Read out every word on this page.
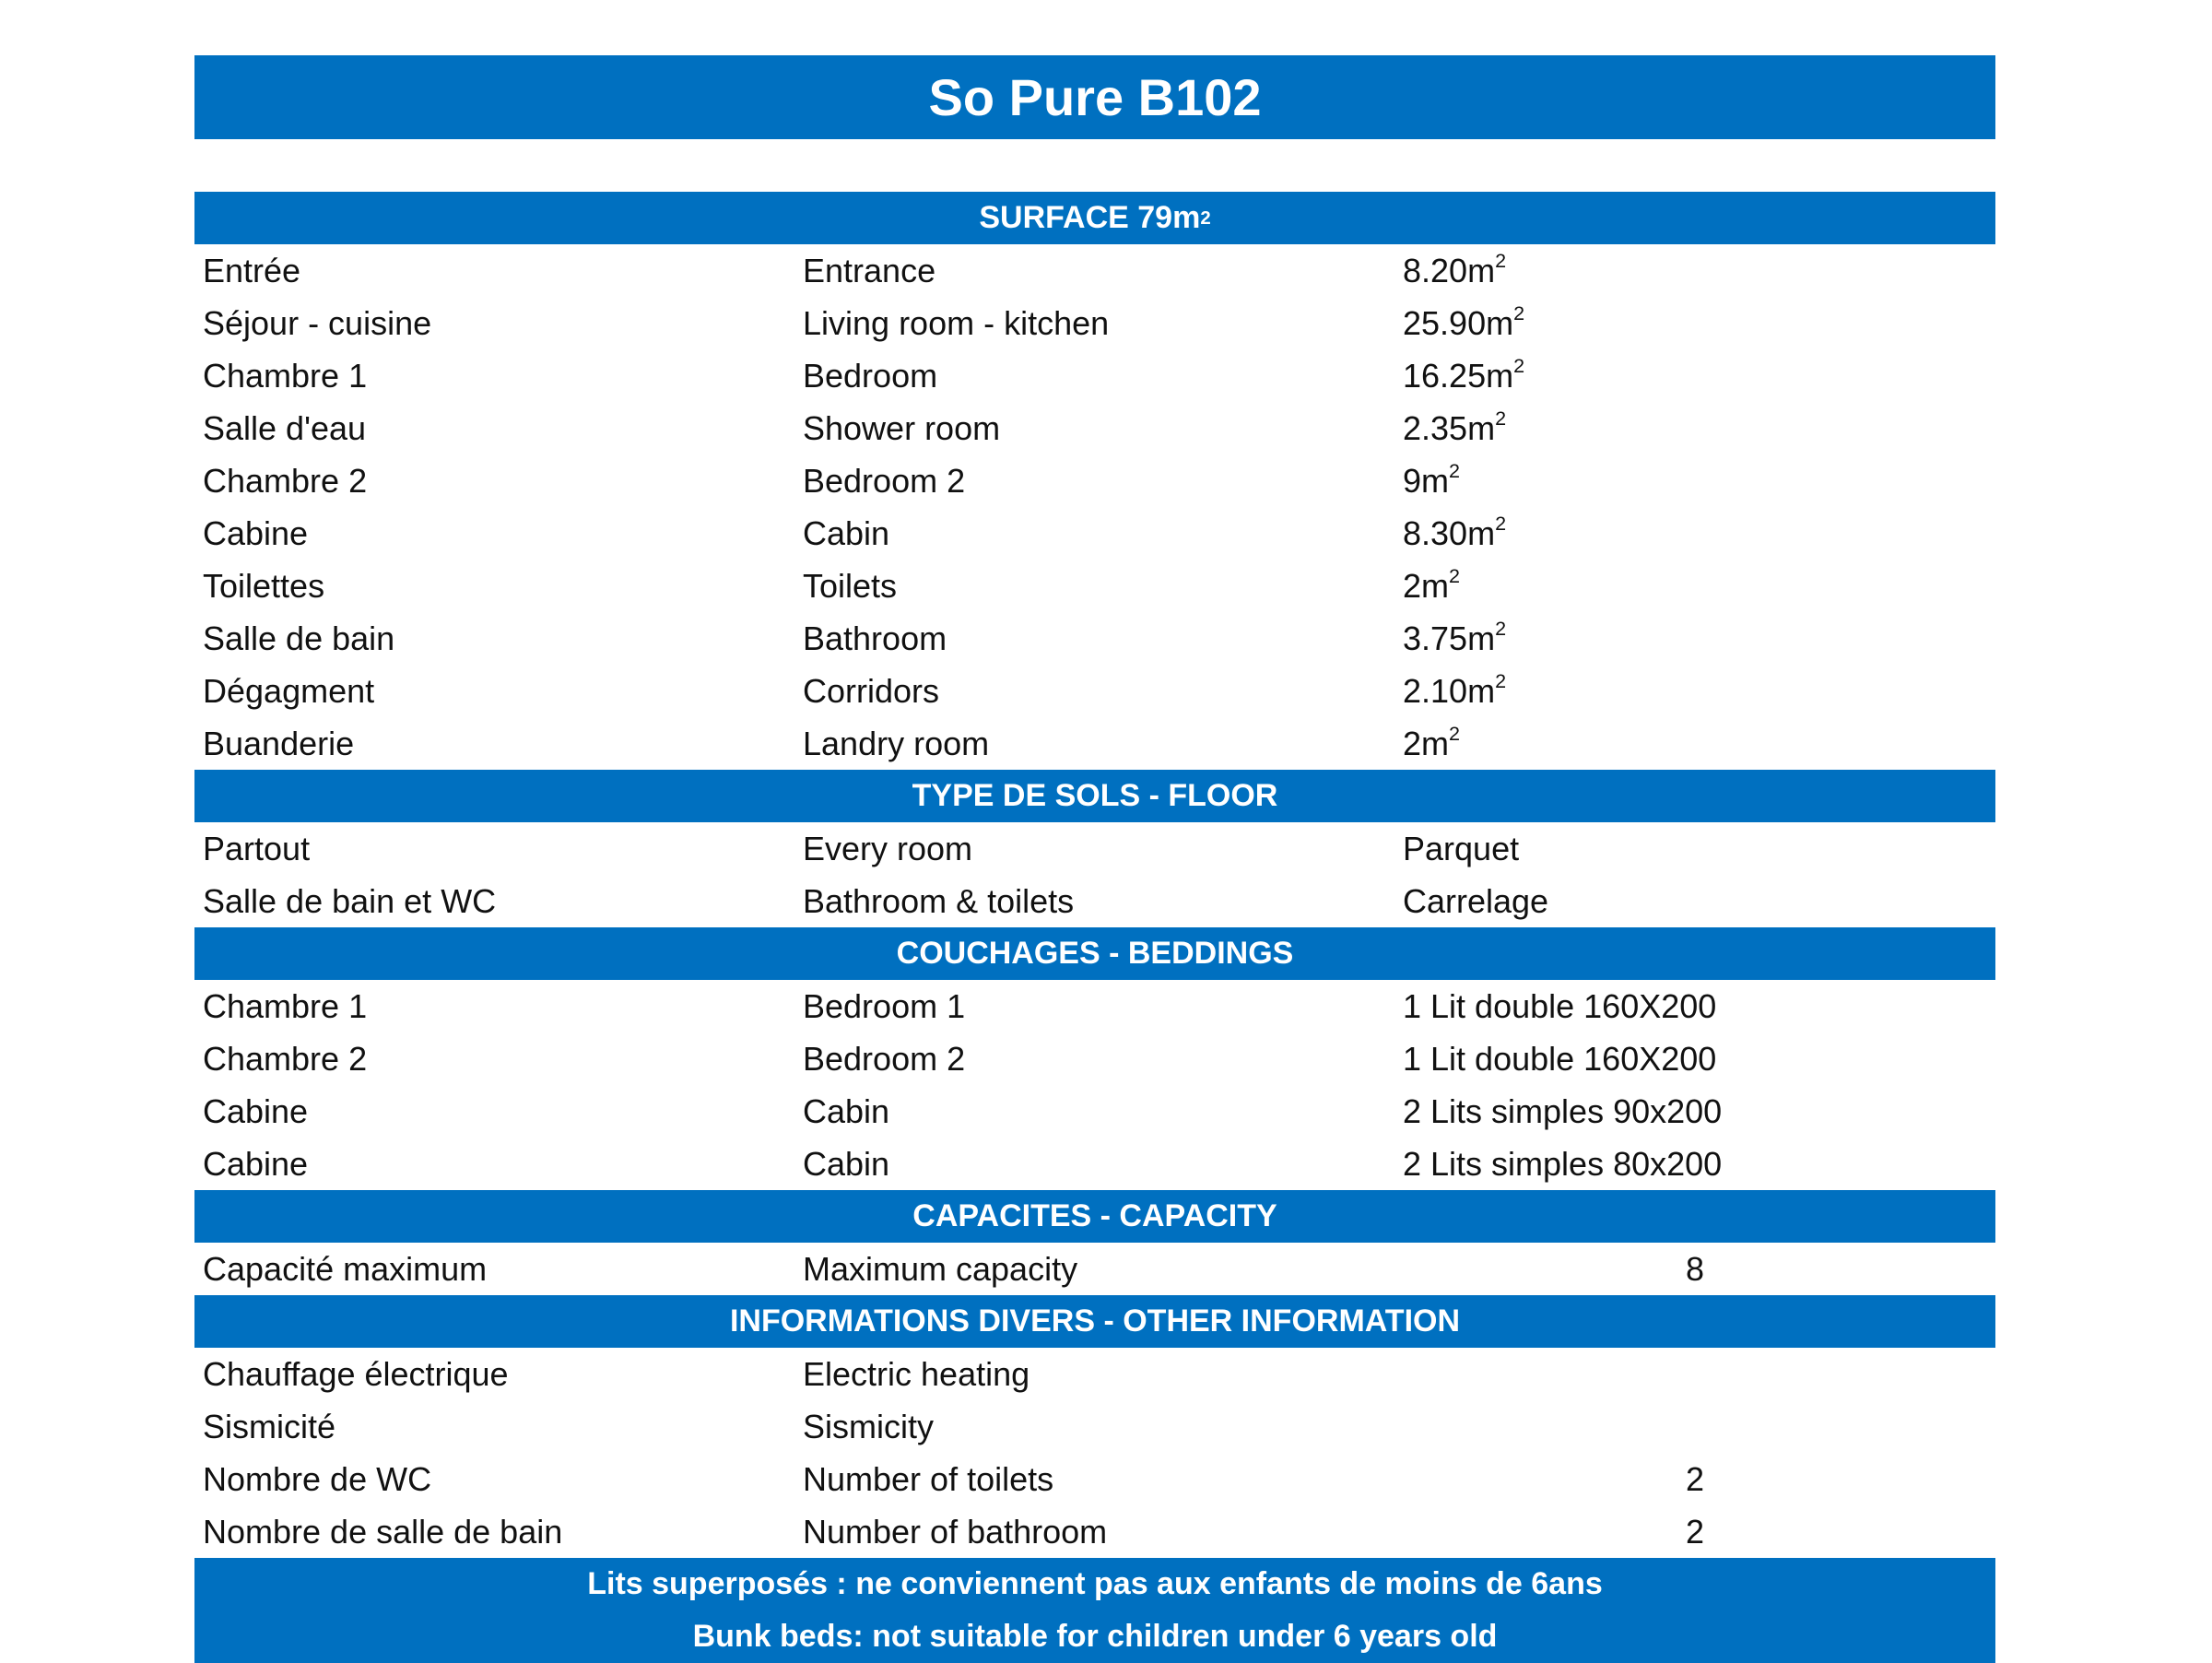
So Pure B102
SURFACE 79m 2
Entrée	Entrance	$8.20m^2$
Séjour - cuisine	Living room - kitchen	$25.90m^2$
Chambre 1	Bedroom	$16.25m^2$
Salle d'eau	Shower room	$2.35m^2$
Chambre 2	Bedroom 2	$9m^2$
Cabine	Cabin	$8.30m^2$
Toilettes	Toilets	$2m^2$
Salle de bain	Bathroom	$3.75m^2$
Dégagment	Corridors	$2.10m^2$
Buanderie	Landry room	$2m^2$
TYPE DE SOLS - FLOOR
Partout	Every room	Parquet
Salle de bain et WC	Bathroom & toilets	Carrelage
COUCHAGES - BEDDINGS
Chambre 1	Bedroom 1	1 Lit double 160X200
Chambre 2	Bedroom 2	1 Lit double 160X200
Cabine	Cabin	2 Lits simples 90x200
Cabine	Cabin	2 Lits simples 80x200
CAPACITES - CAPACITY
Capacité maximum	Maximum capacity	8
INFORMATIONS DIVERS - OTHER INFORMATION
Chauffage électrique	Electric heating
Sismicité	Sismicity
Nombre de WC	Number of toilets	2
Nombre de salle de bain	Number of bathroom	2
Lits superposés : ne conviennent pas aux enfants de moins de 6ans
Bunk beds: not suitable for children under 6 years old
